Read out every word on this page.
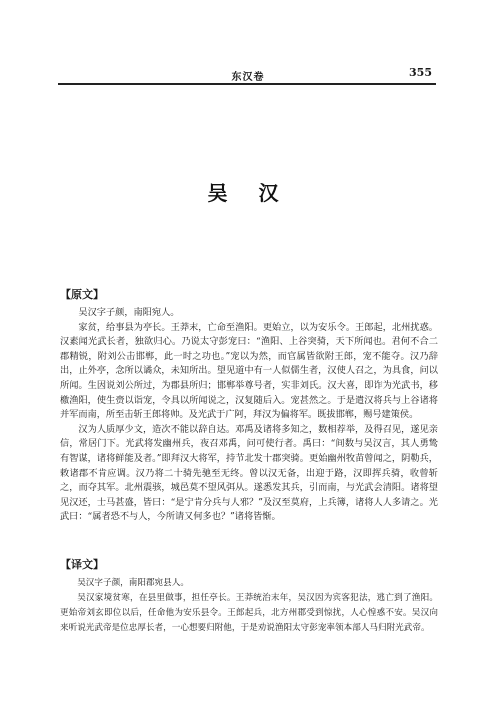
东汉卷	355
吴 汉
【原文】

吴汉字子颜，南阳宛人。

家贫，给事县为亭长。王莽末，亡命至渔阳。更始立，以为安乐令。王郎起，北州扰惑。汉素闻光武长者，独欲归心。乃说太守彭宠曰：“渔阳、上谷突骑，天下所闻也。君何不合二郡精锐，附刘公击邯郸，此一时之功也。”宠以为然，而官属皆欲附王郎，宠不能夺。汉乃辞出，止外亭，念所以谲众，未知所出。望见道中有一人似儒生者，汉使人召之，为具食，问以所闻。生因说刘公所过，为郡县所归；邯郸举尊号者，实非刘氏。汉大喜，即诈为光武书，移檄渔阳，使生赍以诣宠，令具以所闻说之，汉复随后入。宠甚然之。于是遣汉将兵与上谷诸将并军而南，所至击斩王郎将帅。及光武于广阿，拜汉为偏将军。既拔邯郸，赐号建策侯。

汉为人质厚少文，造次不能以辞自达。邓禹及诸将多知之，数相荐举，及得召见，遂见亲信，常居门下。光武将发幽州兵，夜召邓禹，问可使行者。禹曰：“间数与吴汉言，其人勇鸷有智谋，诸将鲜能及者。”即拜汉大将军，持节北发十郡突骑。更始幽州牧苗曾闻之，阴勒兵，敕诸郡不肯应调。汉乃将二十骑先驰至无终。曾以汉无备，出迎于路，汉即挥兵骑，收曾斩之，而夺其军。北州震骇，城邑莫不望风弭从。遂悉发其兵，引而南，与光武会清阳。诸将望见汉还，士马甚盛，皆曰：“是宁肯分兵与人邪？”及汉至莫府，上兵簿，诸将人人多请之。光武曰：“属者恐不与人，今所请又何多也？”诸将皆惭。

【译文】

吴汉字子颜，南阳郡宛县人。

吴汉家境贫寒，在县里做事，担任亭长。王莽统治末年，吴汉因为宾客犯法，逃亡到了渔阳。更始帝刘玄即位以后，任命他为安乐县令。王郎起兵，北方州郡受到惊扰，人心惶惑不安。吴汉向来听说光武帝是位忠厚长者，一心想要归附他，于是劝说渔阳太守彭宠率领本部人马归附光武帝。
